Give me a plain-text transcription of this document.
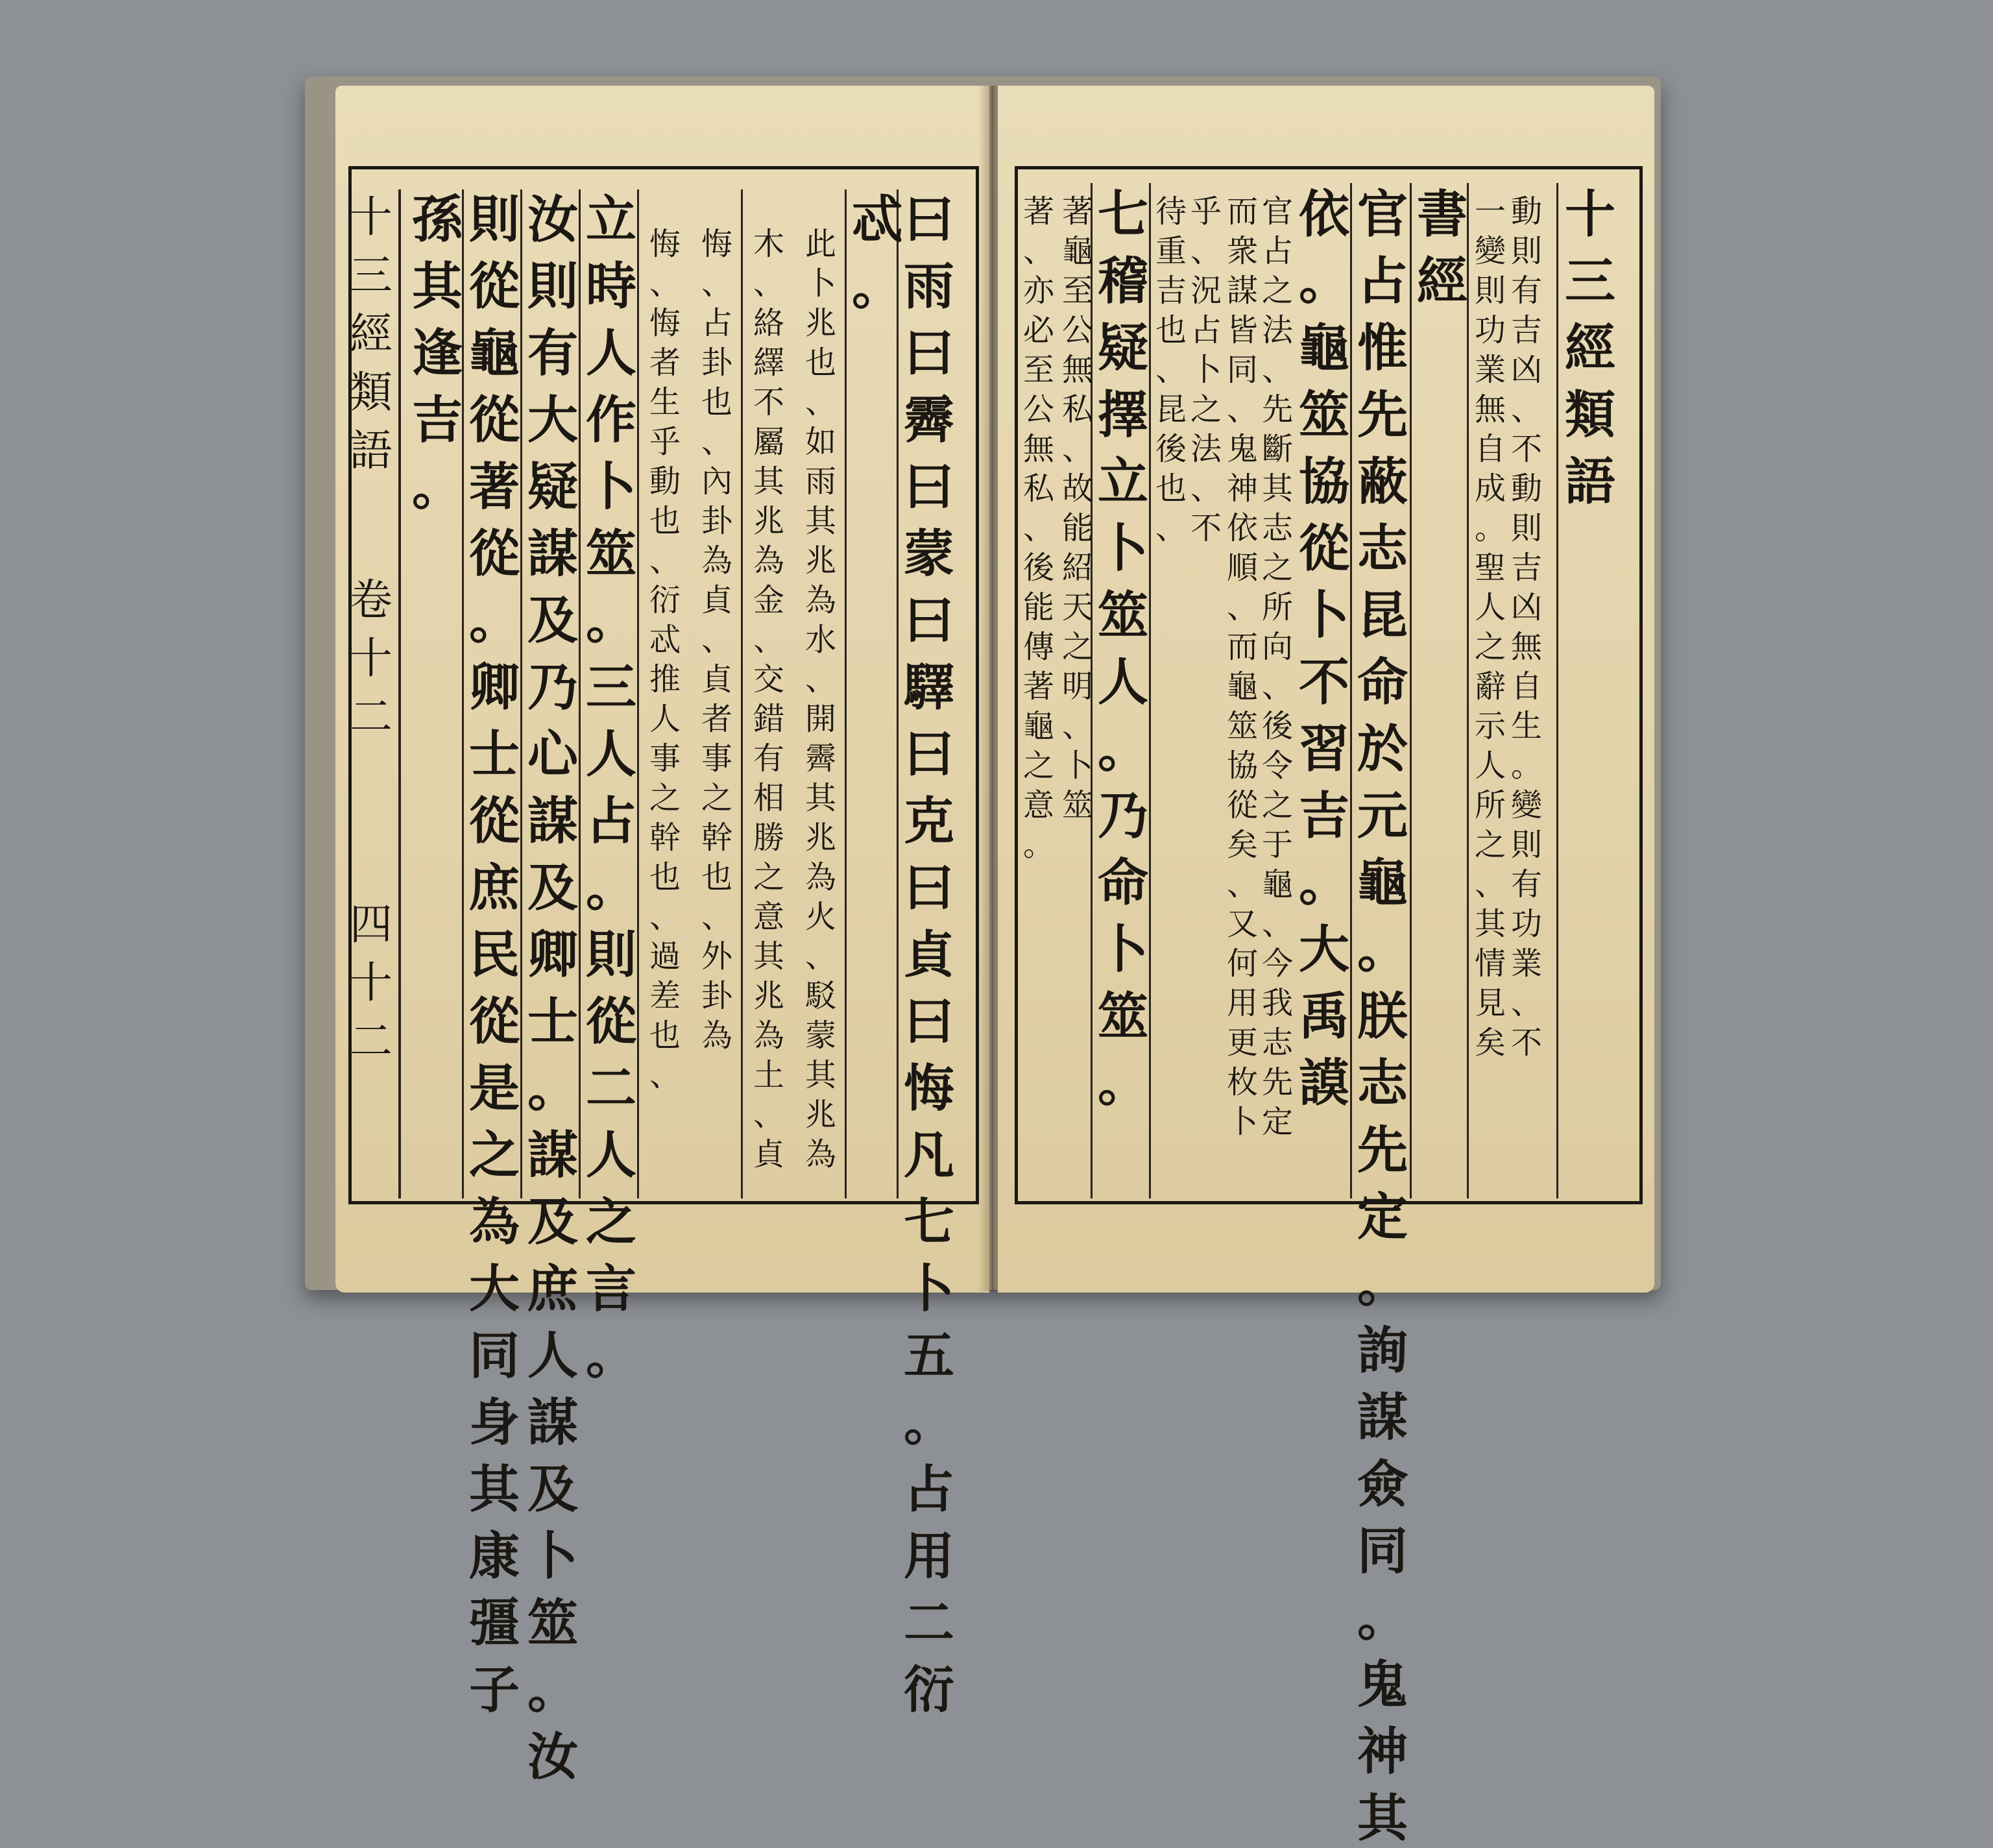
十
三
經
類
語
卷
十
二
四
十
二
孫
其
逢
吉
。
則
從
龜
從
著
從
。
卿
士
從
庶
民
從
是
之
為
大
同
身
其
康
彊
子
汝
則
有
大
疑
謀
及
乃
心
謀
及
卿
士
。
謀
及
庶
人
謀
及
卜
筮
。
汝
立
時
人
作
卜
筮
。
三
人
占
。
則
從
二
人
之
言
。
悔
、
悔
者
生
乎
動
也
、
衍
忒
推
人
事
之
幹
也
、
過
差
也
、
悔
、
占
卦
也
、
內
卦
為
貞
、
貞
者
事
之
幹
也
、
外
卦
為
木
、
絡
繹
不
屬
其
兆
為
金
、
交
錯
有
相
勝
之
意
其
兆
為
土
、
貞
此
卜
兆
也
、
如
雨
其
兆
為
水
、
開
霽
其
兆
為
火
、
駁
蒙
其
兆
為
忒
。
曰
雨
曰
霽
曰
蒙
曰
驛
曰
克
曰
貞
曰
悔
凡
七
卜
五
。
占
用
二
衍
著
、
亦
必
至
公
無
私
、
後
能
傳
著
龜
之
意
。
著
龜
至
公
無
私
、
故
能
紹
天
之
明
、
卜
筮
七
稽
疑
擇
立
卜
筮
人
。
乃
命
卜
筮
。
待
重
吉
也
、
昆
後
也
、
乎
、
況
占
卜
之
法
、
不
而
衆
謀
皆
同
、
鬼
神
依
順
、
而
龜
筮
協
從
矣
、
又
何
用
更
枚
卜
官
占
之
法
、
先
斷
其
志
之
所
向
、
後
令
之
于
龜
、
今
我
志
先
定
依
。
龜
筮
協
從
卜
不
習
吉
。
大
禹
謨
官
占
惟
先
蔽
志
昆
命
於
元
龜
。
朕
志
先
定
。
詢
謀
僉
同
。
鬼
神
其
書
經
一
變
則
功
業
無
自
成
。
聖
人
之
辭
示
人
所
之
、
其
情
見
矣
動
則
有
吉
凶
、
不
動
則
吉
凶
無
自
生
。
變
則
有
功
業
、
不
十
三
經
類
語
